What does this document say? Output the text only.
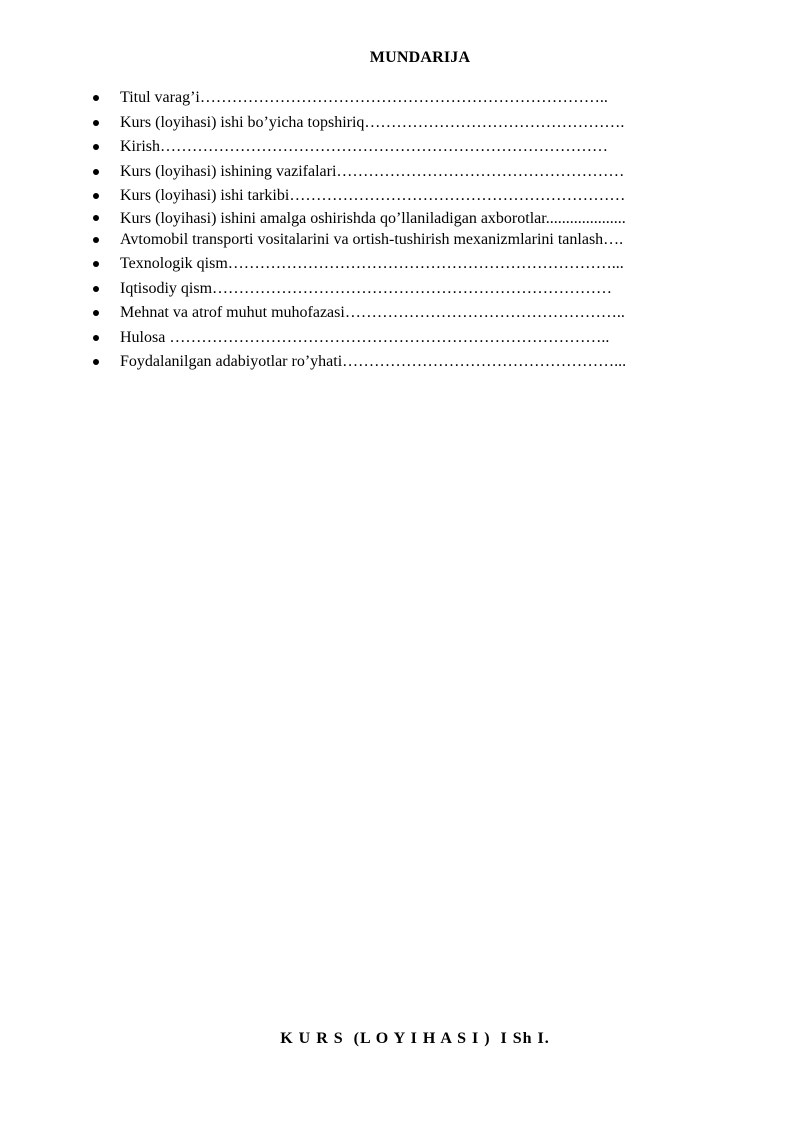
MUNDARIJA
Titul varag’i…………………………………………………………………..
Kurs (loyihasi) ishi bo’yicha topshiriq………………………………………….
Kirish…………………………………………………………………………
Kurs (loyihasi) ishining vazifalari………………………………………………
Kurs (loyihasi) ishi tarkibi………………………………………………………
Kurs (loyihasi) ishini amalga oshirishda qo’llaniladigan axborotlar....................
Avtomobil transporti vositalarini va ortish-tushirish mexanizmlarini tanlash….
Texnologik qism………………………………………………………………...
Iqtisodiy qism…………………………………………………………………
Mehnat va atrof muhut muhofazasi……………………………………………..
Hulosa ………………………………………………………………………..
Foydalanilgan adabiyotlar ro’yhati……………………………………………...
K U R S  (L O Y I H A S I )  I Sh I.
